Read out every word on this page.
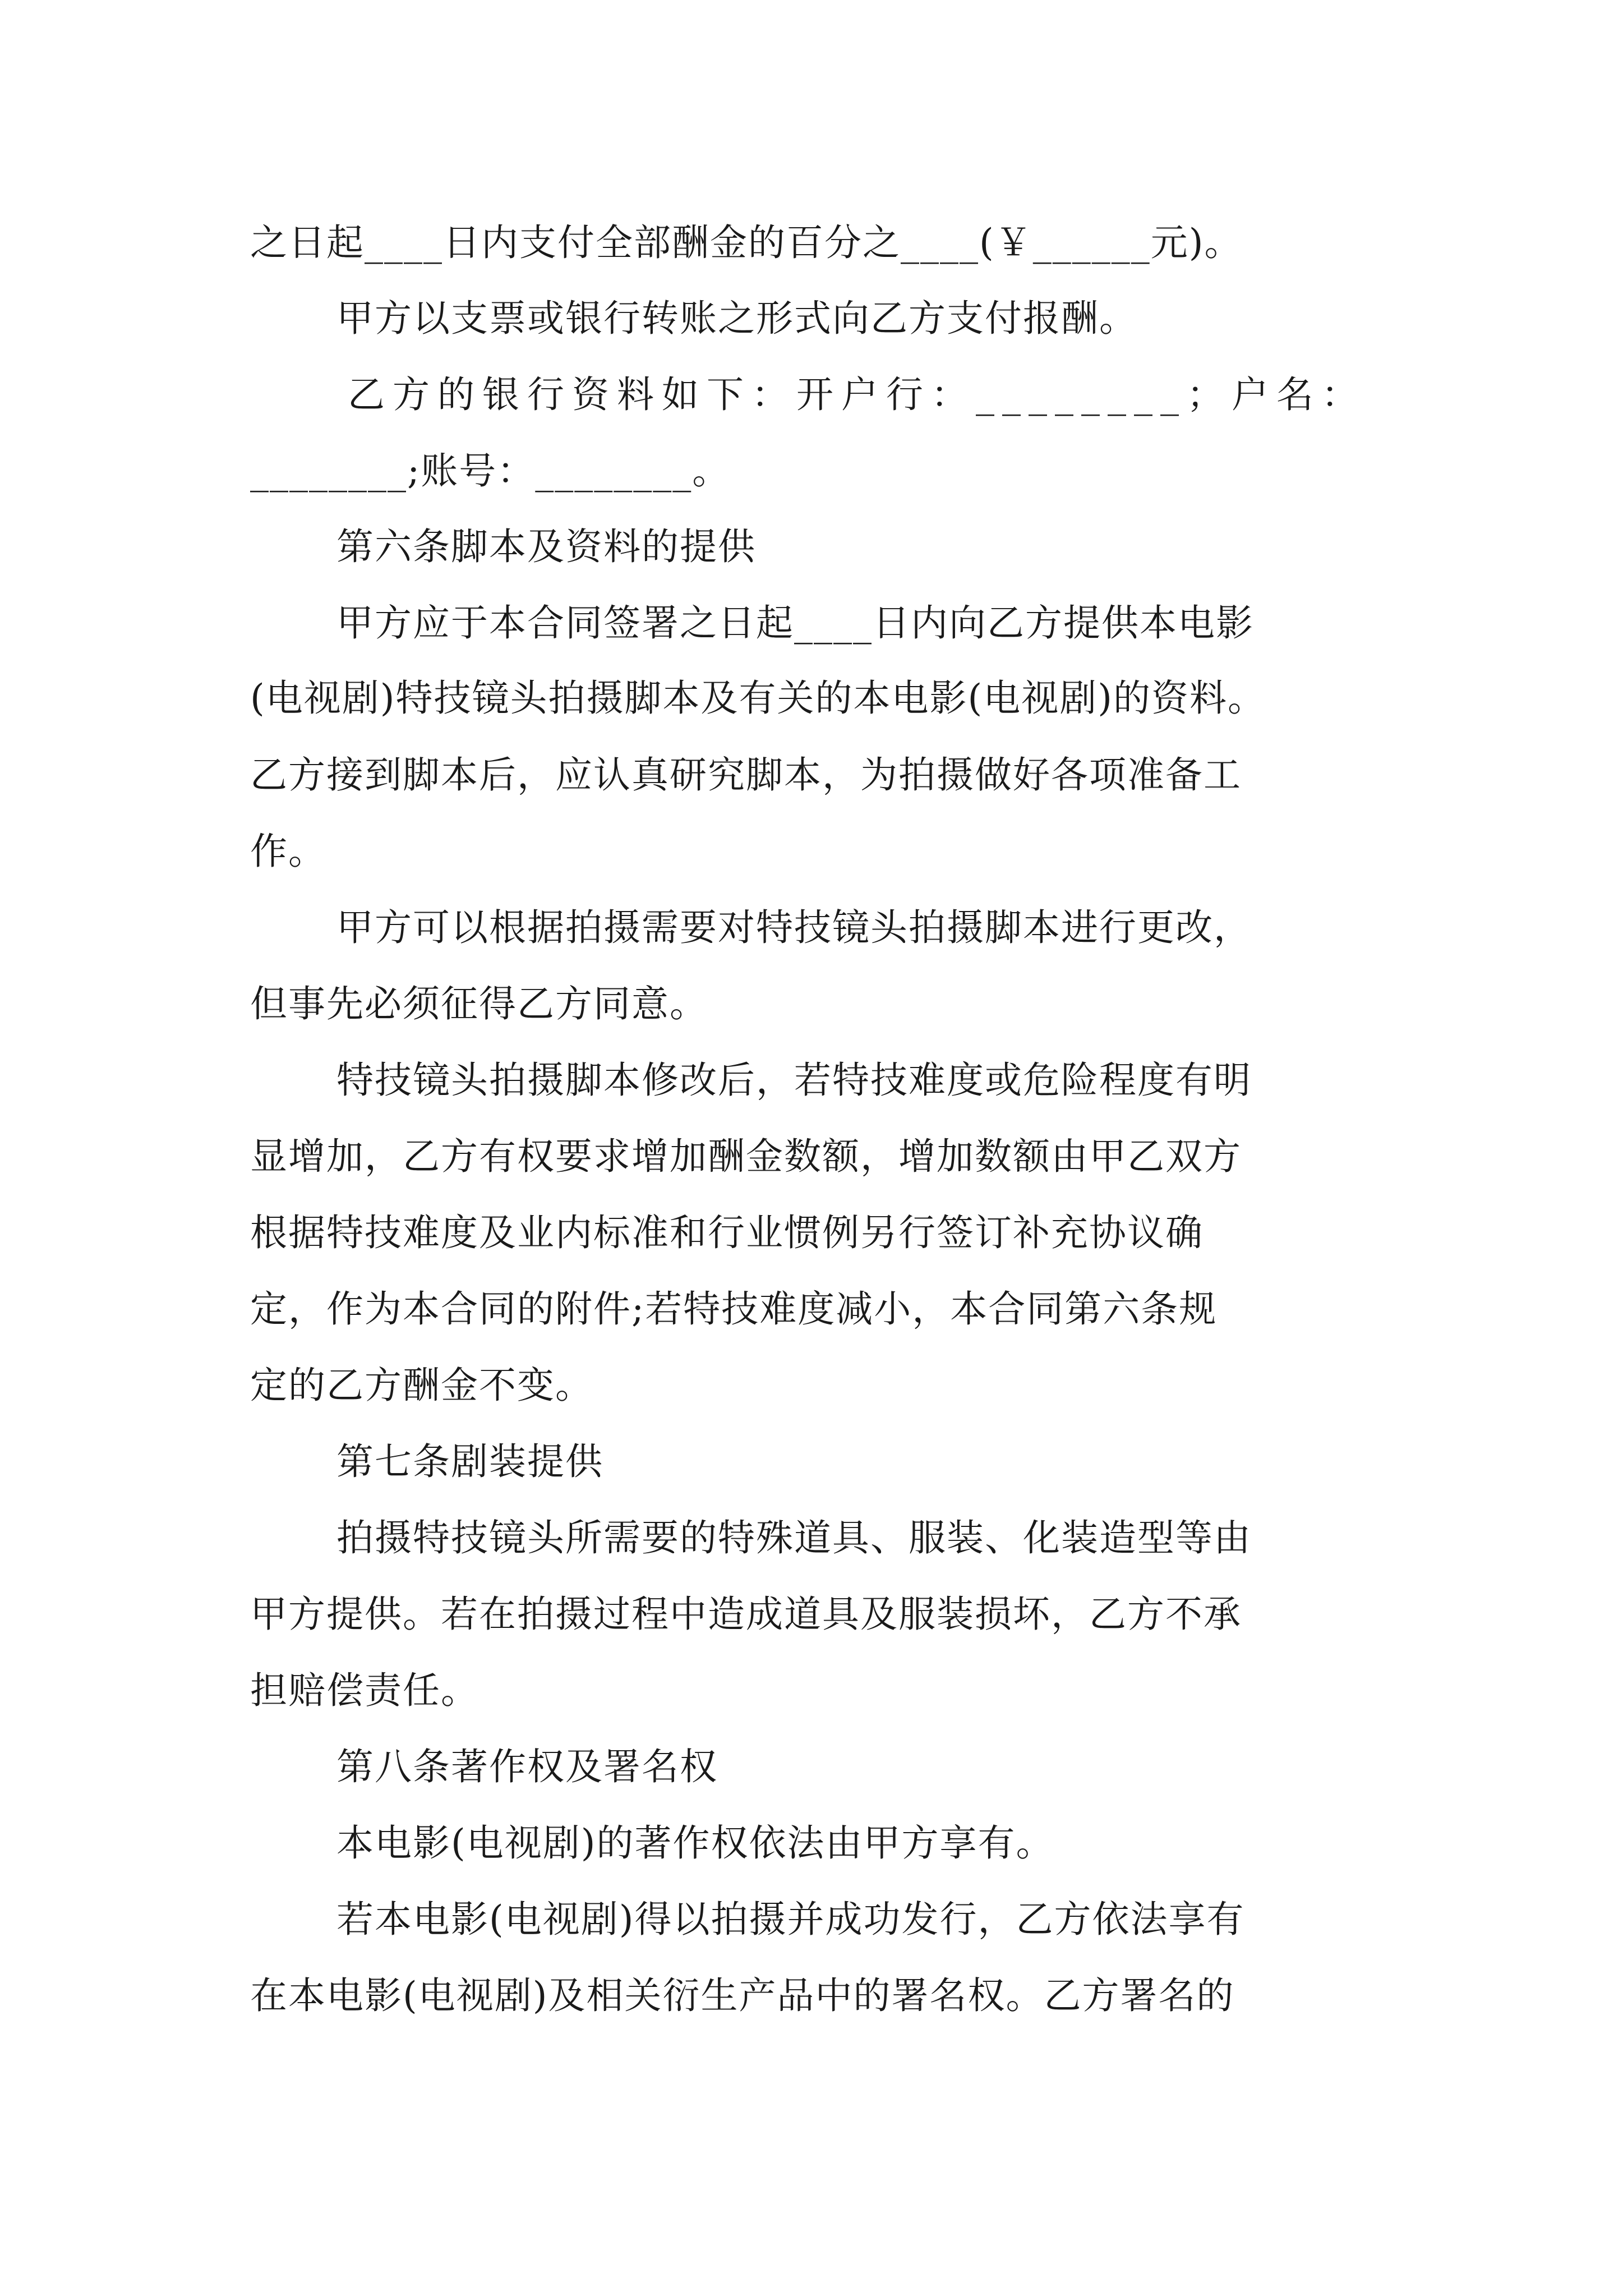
之日起____日内支付全部酬金的百分之____(￥______元)。
甲方以支票或银行转账之形式向乙方支付报酬。
乙方的银行资料如下：开户行：________；户名：
________;账号：________。
第六条脚本及资料的提供
甲方应于本合同签署之日起____日内向乙方提供本电影
(电视剧)特技镜头拍摄脚本及有关的本电影(电视剧)的资料。
乙方接到脚本后，应认真研究脚本，为拍摄做好各项准备工
作。
甲方可以根据拍摄需要对特技镜头拍摄脚本进行更改，
但事先必须征得乙方同意。
特技镜头拍摄脚本修改后，若特技难度或危险程度有明
显增加，乙方有权要求增加酬金数额，增加数额由甲乙双方
根据特技难度及业内标准和行业惯例另行签订补充协议确
定，作为本合同的附件;若特技难度减小，本合同第六条规
定的乙方酬金不变。
第七条剧装提供
拍摄特技镜头所需要的特殊道具、服装、化装造型等由
甲方提供。若在拍摄过程中造成道具及服装损坏，乙方不承
担赔偿责任。
第八条著作权及署名权
本电影(电视剧)的著作权依法由甲方享有。
若本电影(电视剧)得以拍摄并成功发行，乙方依法享有
在本电影(电视剧)及相关衍生产品中的署名权。乙方署名的
